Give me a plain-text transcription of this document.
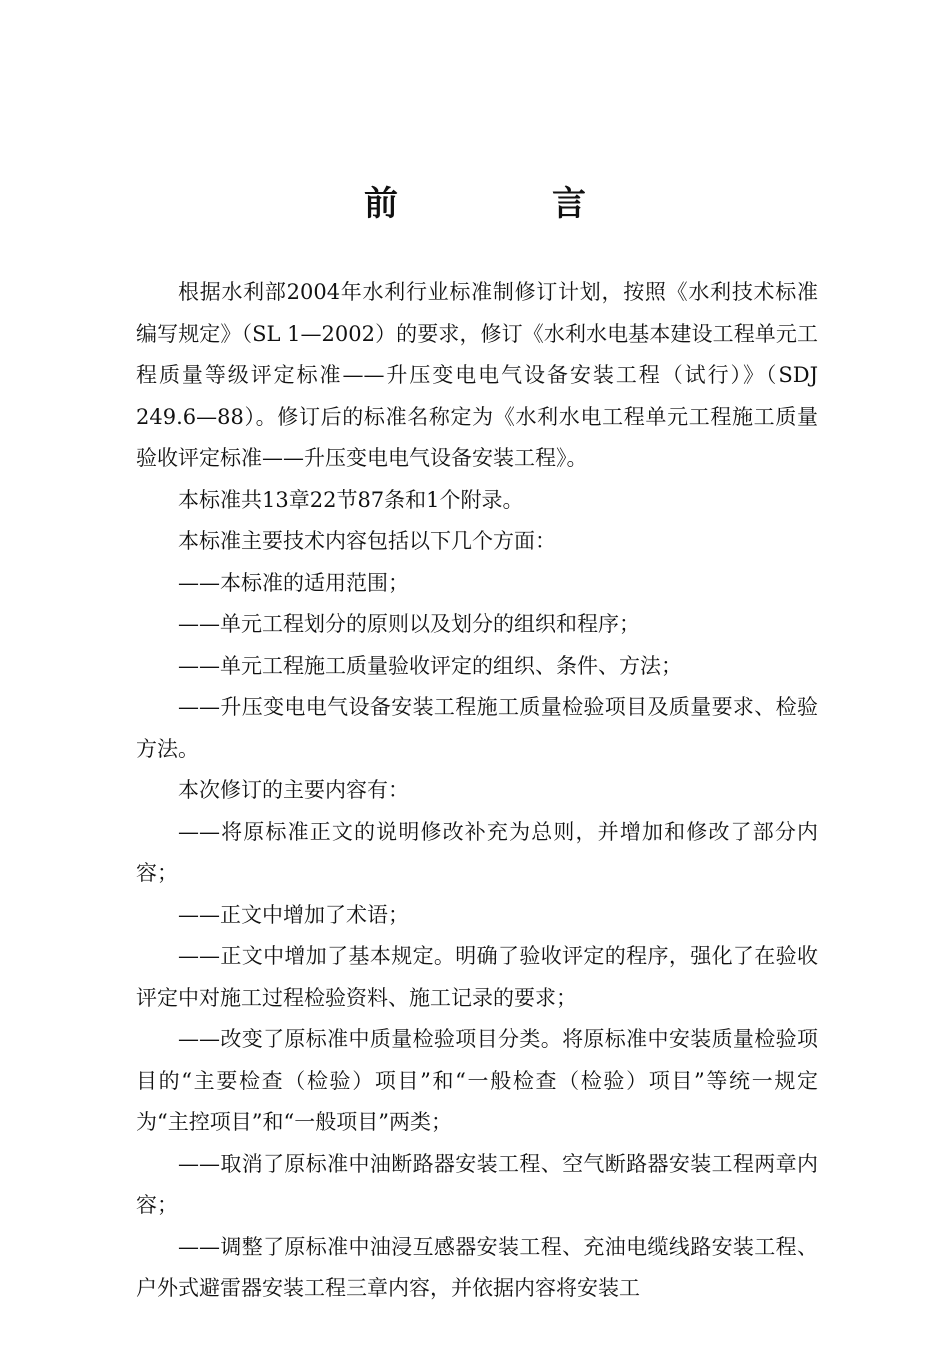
前　言

根据水利部2004年水利行业标准制修订计划，按照《水利技术标准编写规定》（SL 1—2002）的要求，修订《水利水电基本建设工程单元工程质量等级评定标准——升压变电电气设备安装工程（试行）》（SDJ 249.6—88）。修订后的标准名称定为《水利水电工程单元工程施工质量验收评定标准——升压变电电气设备安装工程》。

本标准共13章22节87条和1个附录。

本标准主要技术内容包括以下几个方面：

——本标准的适用范围；

——单元工程划分的原则以及划分的组织和程序；

——单元工程施工质量验收评定的组织、条件、方法；

——升压变电电气设备安装工程施工质量检验项目及质量要求、检验方法。

本次修订的主要内容有：

——将原标准正文的说明修改补充为总则，并增加和修改了部分内容；

——正文中增加了术语；

——正文中增加了基本规定。明确了验收评定的程序，强化了在验收评定中对施工过程检验资料、施工记录的要求；

——改变了原标准中质量检验项目分类。将原标准中安装质量检验项目的“主要检查（检验）项目”和“一般检查（检验）项目”等统一规定为“主控项目”和“一般项目”两类；

——取消了原标准中油断路器安装工程、空气断路器安装工程两章内容；

——调整了原标准中油浸互感器安装工程、充油电缆线路安装工程、户外式避雷器安装工程三章内容，并依据内容将安装工
